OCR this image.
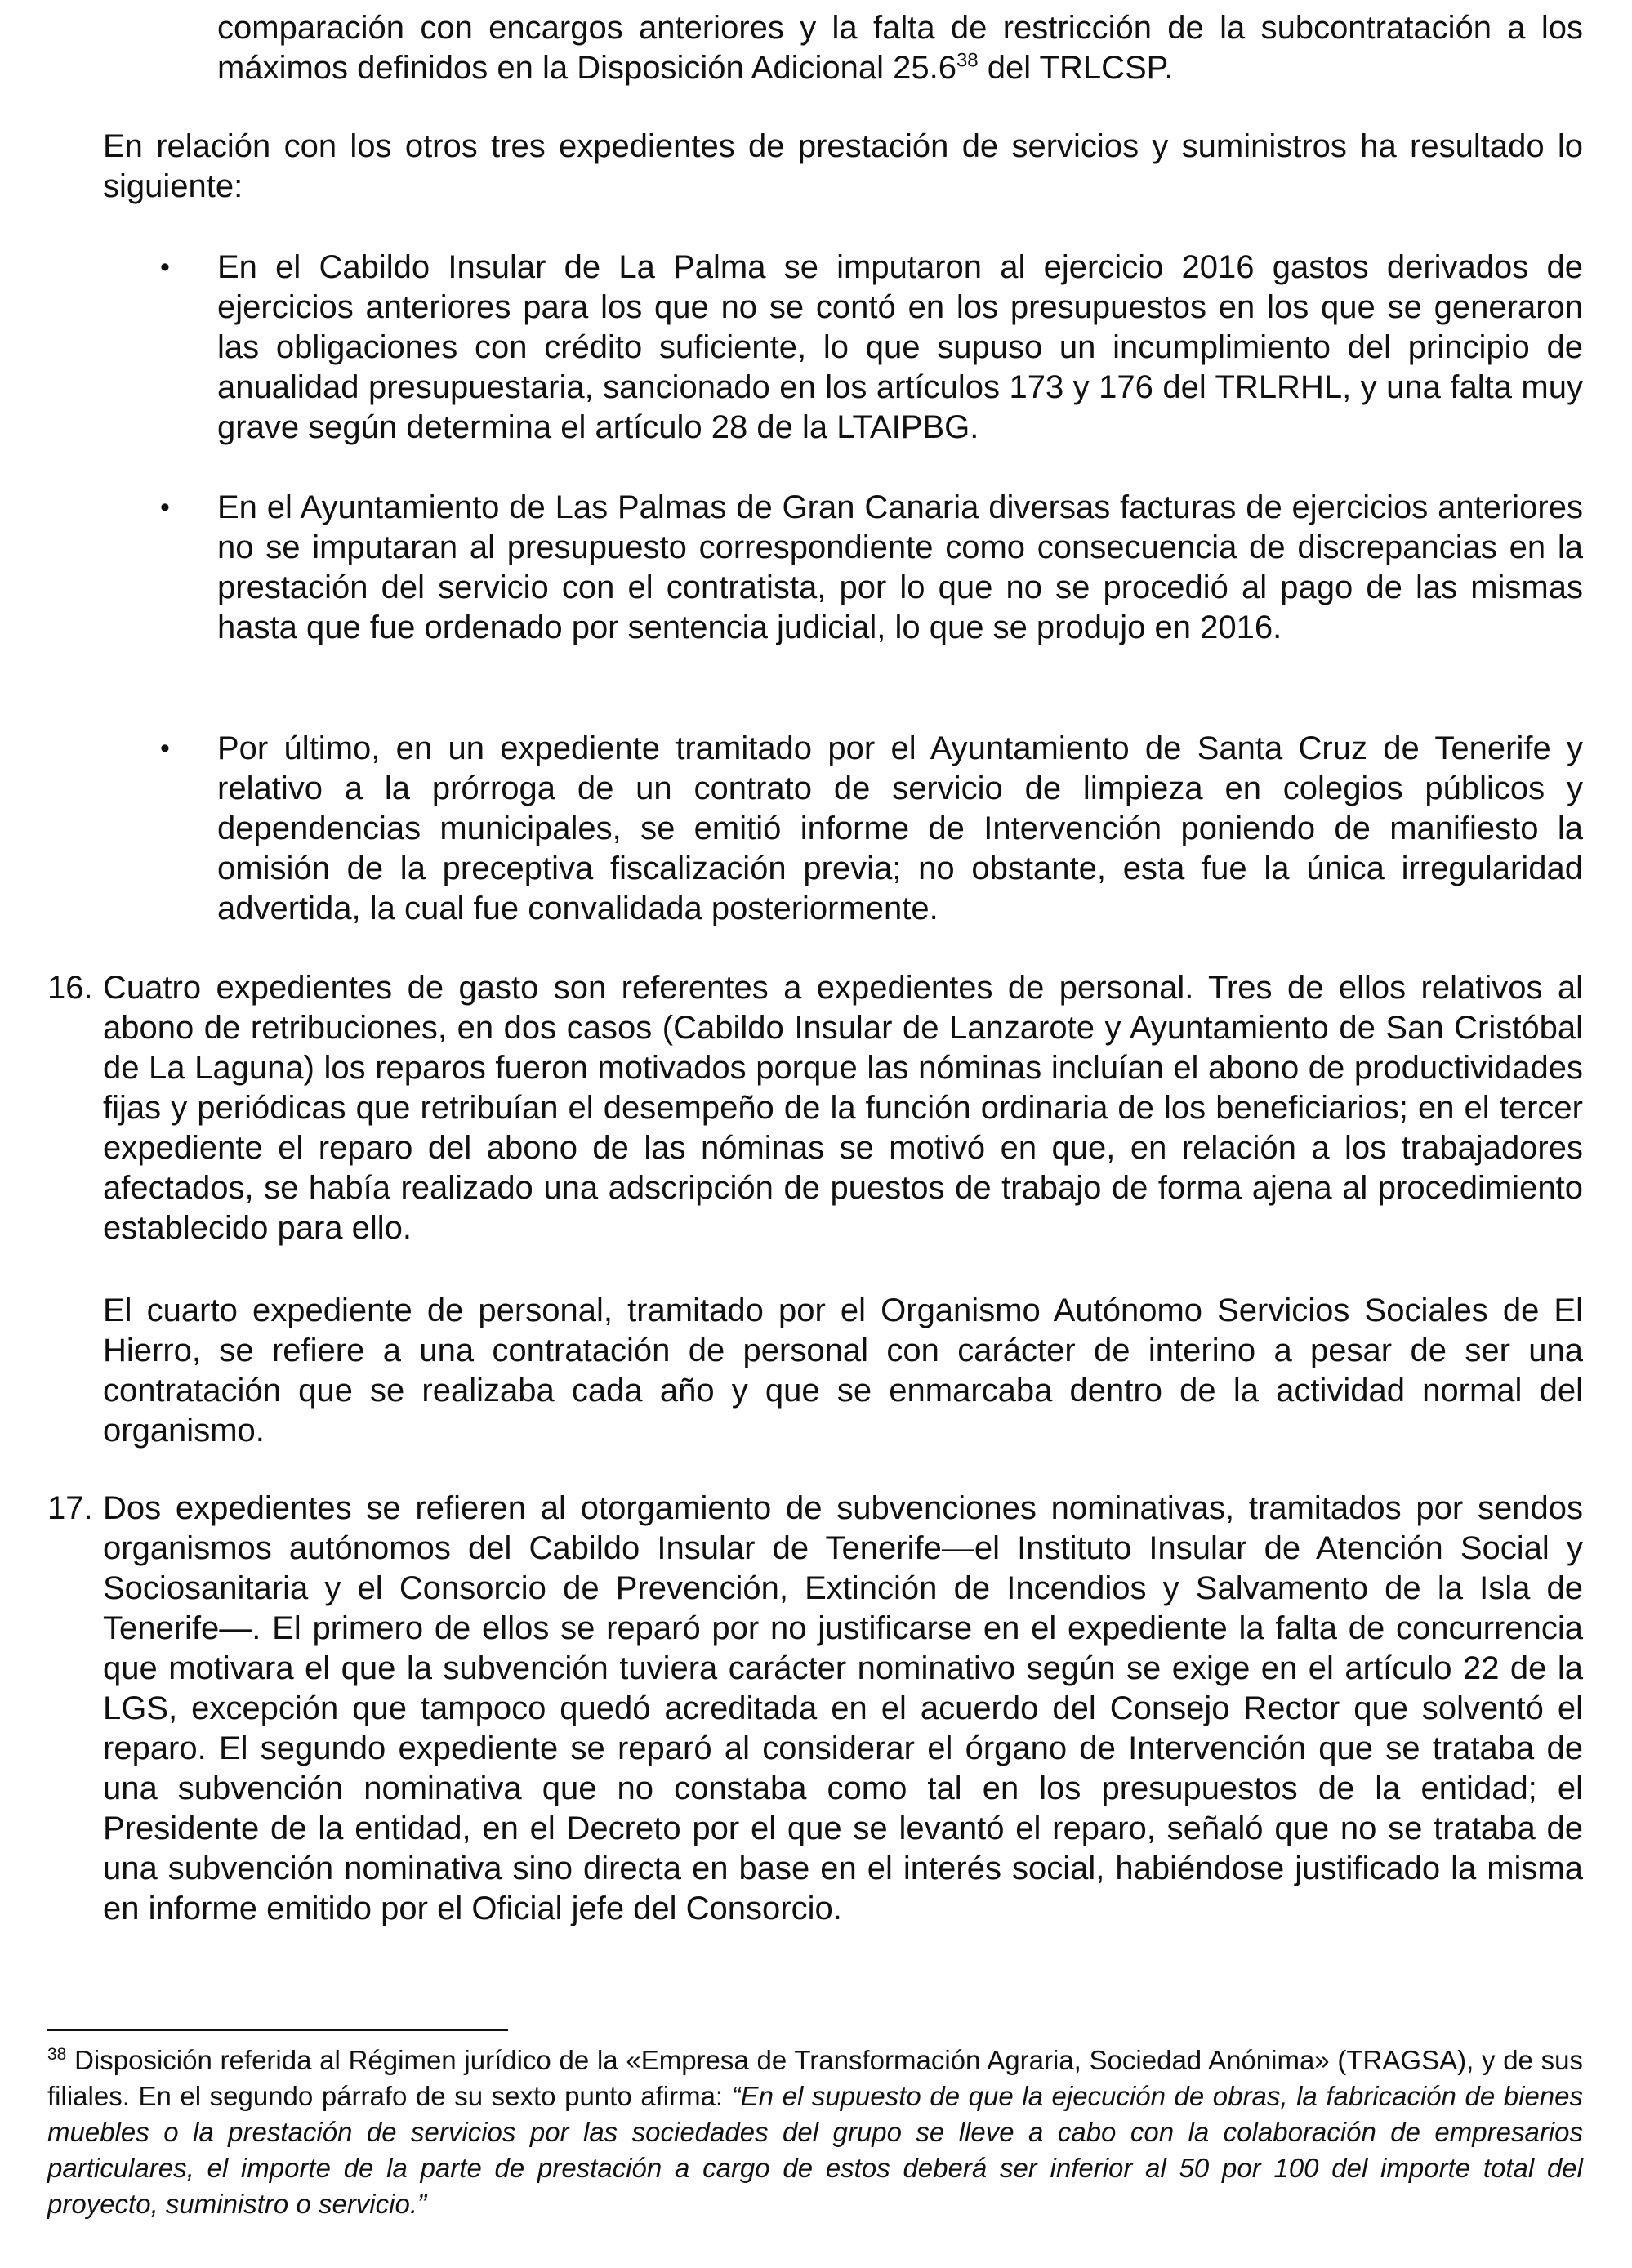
comparación con encargos anteriores y la falta de restricción de la subcontratación a los máximos definidos en la Disposición Adicional 25.6$^{38}$ del TRLCSP.

En relación con los otros tres expedientes de prestación de servicios y suministros ha resultado lo siguiente:

• En el Cabildo Insular de La Palma se imputaron al ejercicio 2016 gastos derivados de ejercicios anteriores para los que no se contó en los presupuestos en los que se generaron las obligaciones con crédito suficiente, lo que supuso un incumplimiento del principio de anualidad presupuestaria, sancionado en los artículos 173 y 176 del TRLRHL, y una falta muy grave según determina el artículo 28 de la LTAIPBG.

• En el Ayuntamiento de Las Palmas de Gran Canaria diversas facturas de ejercicios anteriores no se imputaran al presupuesto correspondiente como consecuencia de discrepancias en la prestación del servicio con el contratista, por lo que no se procedió al pago de las mismas hasta que fue ordenado por sentencia judicial, lo que se produjo en 2016.

• Por último, en un expediente tramitado por el Ayuntamiento de Santa Cruz de Tenerife y relativo a la prórroga de un contrato de servicio de limpieza en colegios públicos y dependencias municipales, se emitió informe de Intervención poniendo de manifiesto la omisión de la preceptiva fiscalización previa; no obstante, esta fue la única irregularidad advertida, la cual fue convalidada posteriormente.

16. Cuatro expedientes de gasto son referentes a expedientes de personal. Tres de ellos relativos al abono de retribuciones, en dos casos (Cabildo Insular de Lanzarote y Ayuntamiento de San Cristóbal de La Laguna) los reparos fueron motivados porque las nóminas incluían el abono de productividades fijas y periódicas que retribuían el desempeño de la función ordinaria de los beneficiarios; en el tercer expediente el reparo del abono de las nóminas se motivó en que, en relación a los trabajadores afectados, se había realizado una adscripción de puestos de trabajo de forma ajena al procedimiento establecido para ello.

El cuarto expediente de personal, tramitado por el Organismo Autónomo Servicios Sociales de El Hierro, se refiere a una contratación de personal con carácter de interino a pesar de ser una contratación que se realizaba cada año y que se enmarcaba dentro de la actividad normal del organismo.

17. Dos expedientes se refieren al otorgamiento de subvenciones nominativas, tramitados por sendos organismos autónomos del Cabildo Insular de Tenerife—el Instituto Insular de Atención Social y Sociosanitaria y el Consorcio de Prevención, Extinción de Incendios y Salvamento de la Isla de Tenerife—. El primero de ellos se reparó por no justificarse en el expediente la falta de concurrencia que motivara el que la subvención tuviera carácter nominativo según se exige en el artículo 22 de la LGS, excepción que tampoco quedó acreditada en el acuerdo del Consejo Rector que solventó el reparo. El segundo expediente se reparó al considerar el órgano de Intervención que se trataba de una subvención nominativa que no constaba como tal en los presupuestos de la entidad; el Presidente de la entidad, en el Decreto por el que se levantó el reparo, señaló que no se trataba de una subvención nominativa sino directa en base en el interés social, habiéndose justificado la misma en informe emitido por el Oficial jefe del Consorcio.

$^{38}$ Disposición referida al Régimen jurídico de la «Empresa de Transformación Agraria, Sociedad Anónima» (TRAGSA), y de sus filiales. En el segundo párrafo de su sexto punto afirma: “En el supuesto de que la ejecución de obras, la fabricación de bienes muebles o la prestación de servicios por las sociedades del grupo se lleve a cabo con la colaboración de empresarios particulares, el importe de la parte de prestación a cargo de estos deberá ser inferior al 50 por 100 del importe total del proyecto, suministro o servicio.”
